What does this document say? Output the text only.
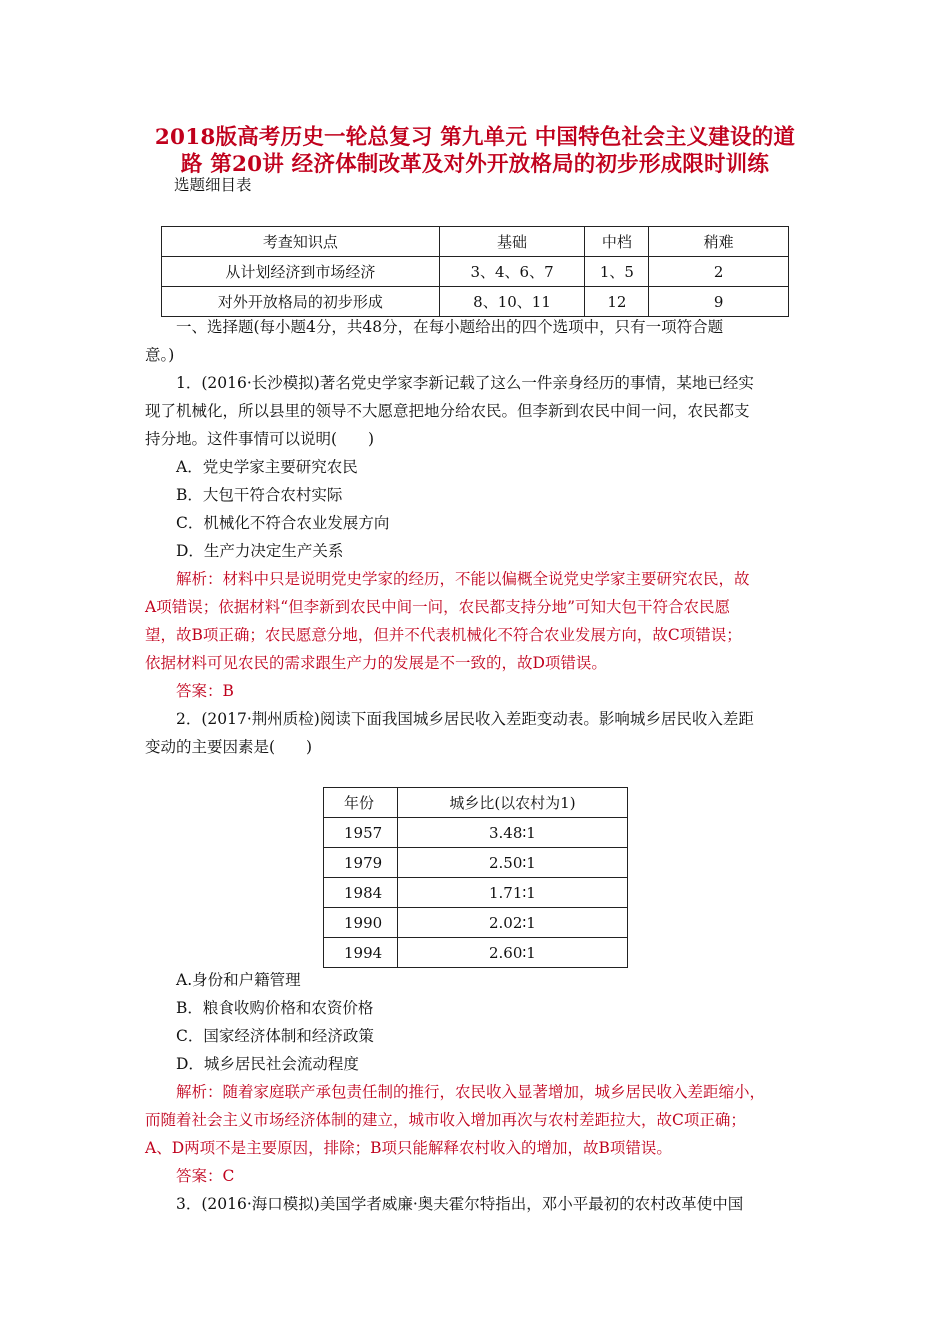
2018版高考历史一轮总复习 第九单元 中国特色社会主义建设的道
路 第20讲 经济体制改革及对外开放格局的初步形成限时训练
选题细目表
考查知识点	基础	中档	稍难
从计划经济到市场经济	3、4、6、7	1、5	2
对外开放格局的初步形成	8、10、11	12	9
一、选择题(每小题4分，共48分，在每小题给出的四个选项中，只有一项符合题
意。)
1．(2016·长沙模拟)著名党史学家李新记载了这么一件亲身经历的事情，某地已经实
现了机械化，所以县里的领导不大愿意把地分给农民。但李新到农民中间一问，农民都支
持分地。这件事情可以说明(　　)
A．党史学家主要研究农民
B．大包干符合农村实际
C．机械化不符合农业发展方向
D．生产力决定生产关系
解析：材料中只是说明党史学家的经历，不能以偏概全说党史学家主要研究农民，故
A项错误；依据材料“但李新到农民中间一问，农民都支持分地”可知大包干符合农民愿
望，故B项正确；农民愿意分地，但并不代表机械化不符合农业发展方向，故C项错误；
依据材料可见农民的需求跟生产力的发展是不一致的，故D项错误。
答案：B
2．(2017·荆州质检)阅读下面我国城乡居民收入差距变动表。影响城乡居民收入差距
变动的主要因素是(　　)
年份	城乡比(以农村为1)
1957	3.48∶1
1979	2.50∶1
1984	1.71∶1
1990	2.02∶1
1994	2.60∶1
A.身份和户籍管理
B．粮食收购价格和农资价格
C．国家经济体制和经济政策
D．城乡居民社会流动程度
解析：随着家庭联产承包责任制的推行，农民收入显著增加，城乡居民收入差距缩小，
而随着社会主义市场经济体制的建立，城市收入增加再次与农村差距拉大，故C项正确；
A、D两项不是主要原因，排除；B项只能解释农村收入的增加，故B项错误。
答案：C
3．(2016·海口模拟)美国学者威廉·奥夫霍尔特指出，邓小平最初的农村改革使中国
